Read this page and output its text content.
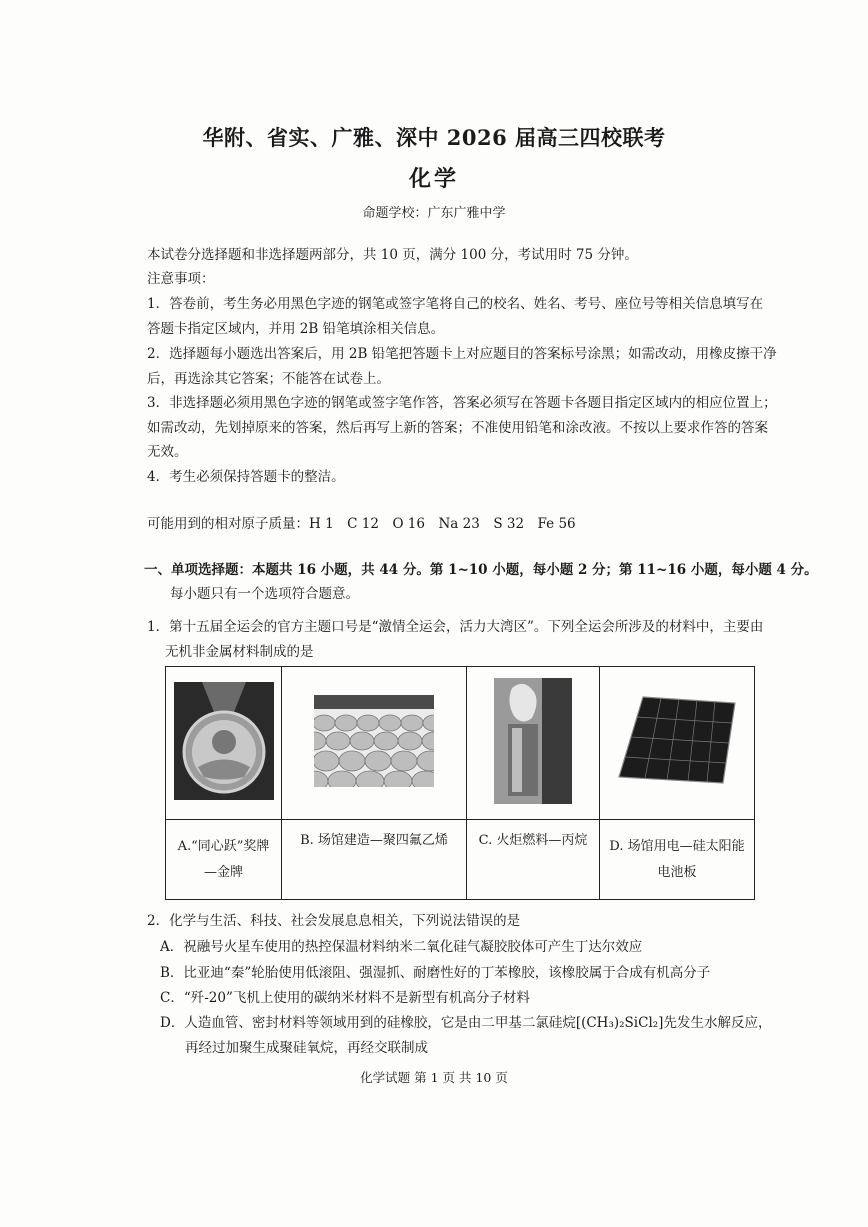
华附、省实、广雅、深中 2026 届高三四校联考
化学
命题学校：广东广雅中学
本试卷分选择题和非选择题两部分，共 10 页，满分 100 分，考试用时 75 分钟。
注意事项：
1．答卷前，考生务必用黑色字迹的钢笔或签字笔将自己的校名、姓名、考号、座位号等相关信息填写在
答题卡指定区域内，并用 2B 铅笔填涂相关信息。
2．选择题每小题选出答案后，用 2B 铅笔把答题卡上对应题目的答案标号涂黑；如需改动，用橡皮擦干净
后，再选涂其它答案；不能答在试卷上。
3．非选择题必须用黑色字迹的钢笔或签字笔作答，答案必须写在答题卡各题目指定区域内的相应位置上；
如需改动，先划掉原来的答案，然后再写上新的答案；不准使用铅笔和涂改液。不按以上要求作答的答案
无效。
4．考生必须保持答题卡的整洁。
可能用到的相对原子质量：H 1　C 12　O 16　Na 23　S 32　Fe 56
一、单项选择题：本题共 16 小题，共 44 分。第 1~10 小题，每小题 2 分；第 11~16 小题，每小题 4 分。
每小题只有一个选项符合题意。
1．第十五届全运会的官方主题口号是“激情全运会，活力大湾区”。下列全运会所涉及的材料中，主要由
无机非金属材料制成的是

A.“同心跃”奖牌
—金牌	B. 场馆建造—聚四氟乙烯	C. 火炬燃料—丙烷	D. 场馆用电—硅太阳能
电池板
2．化学与生活、科技、社会发展息息相关，下列说法错误的是
A．祝融号火星车使用的热控保温材料纳米二氧化硅气凝胶胶体可产生丁达尔效应
B．比亚迪“秦”轮胎使用低滚阻、强湿抓、耐磨性好的丁苯橡胶，该橡胶属于合成有机高分子
C．“歼-20”飞机上使用的碳纳米材料不是新型有机高分子材料
D．人造血管、密封材料等领域用到的硅橡胶，它是由二甲基二氯硅烷[(CH₃)₂SiCl₂]先发生水解反应，
再经过加聚生成聚硅氧烷，再经交联制成
化学试题 第 1 页 共 10 页
